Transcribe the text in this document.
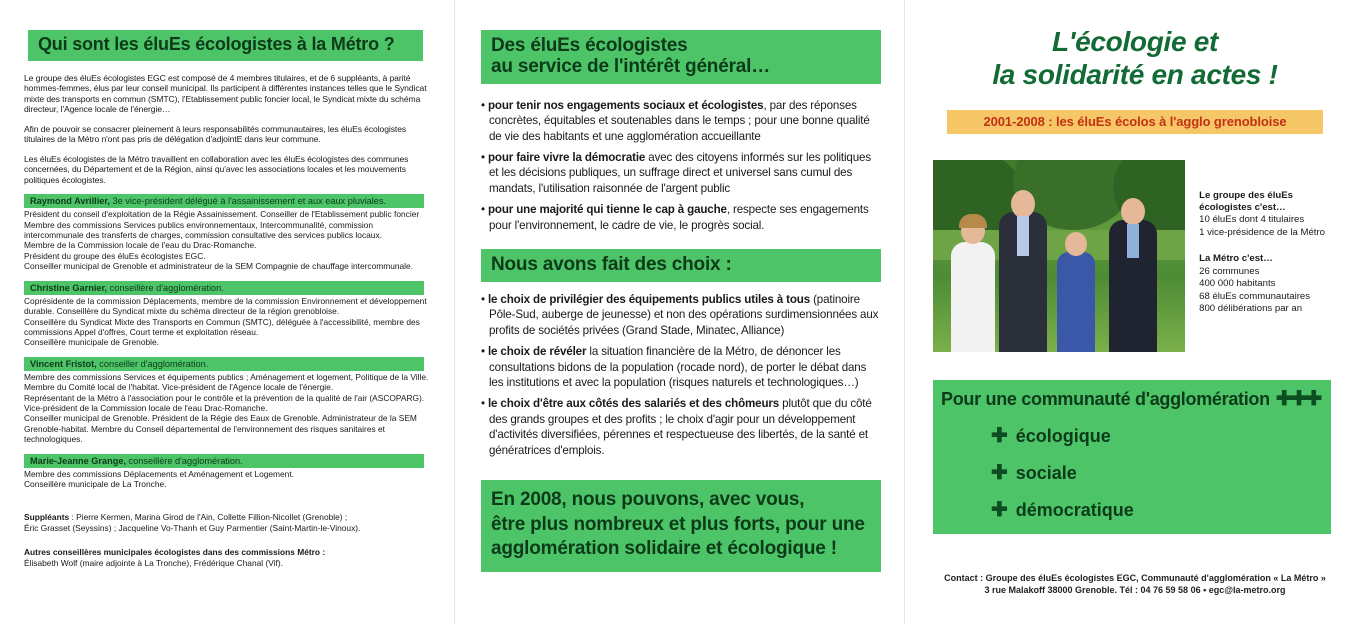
Qui sont les éluEs écologistes à la Métro ?

Le groupe des éluEs écologistes EGC est composé de 4 membres titulaires, et de 6 suppléants, à parité hommes-femmes, élus par leur conseil municipal. Ils participent à différentes instances telles que le Syndicat mixte des transports en commun (SMTC), l'Etablissement public foncier local, le Syndicat mixte du schéma directeur, l'Agence locale de l'énergie…

Afin de pouvoir se consacrer pleinement à leurs responsabilités communautaires, les éluEs écologistes titulaires de la Métro n'ont pas pris de délégation d'adjointE dans leur commune.

Les éluEs écologistes de la Métro travaillent en collaboration avec les éluEs écologistes des communes concernées, du Département et de la Région, ainsi qu'avec les associations locales et les mouvements politiques écologistes.

Raymond Avrillier, 3e vice-président délégué à l'assainissement et aux eaux pluviales.
Président du conseil d'exploitation de la Régie Assainissement. Conseiller de l'Etablissement public foncier
Membre des commissions Services publics environnementaux, Intercommunalité, commission intercommunale des transferts de charges, commission consultative des services publics locaux.
Membre de la Commission locale de l'eau du Drac-Romanche.
Président du groupe des éluEs écologistes EGC.
Conseiller municipal de Grenoble et administrateur de la SEM Compagnie de chauffage intercommunale.
Christine Garnier, conseillère d'agglomération.
Coprésidente de la commission Déplacements, membre de la commission Environnement et développement durable. Conseillère du Syndicat mixte du schéma directeur de la région grenobloise.
Conseillère du Syndicat Mixte des Transports en Commun (SMTC), déléguée à l'accessibilité, membre des commissions Appel d'offres, Court terme et exploitation réseau.
Conseillère municipale de Grenoble.
Vincent Fristot, conseiller d'agglomération.
Membre des commissions Services et équipements publics ; Aménagement et logement, Politique de la Ville.
Membre du Comité local de l'habitat. Vice-président de l'Agence locale de l'énergie.
Représentant de la Métro à l'association pour le contrôle et la prévention de la qualité de l'air (ASCOPARG).
Vice-président de la Commission locale de l'eau Drac-Romanche.
Conseiller municipal de Grenoble. Président de la Régie des Eaux de Grenoble. Administrateur de la SEM Grenoble-habitat. Membre du Conseil départemental de l'environnement des risques sanitaires et technologiques.
Marie-Jeanne Grange, conseillère d'agglomération.
Membre des commissions Déplacements et Aménagement et Logement.
Conseillère municipale de La Tronche.
Suppléants : Pierre Kermen, Marina Girod de l'Ain, Collette Fillion-Nicollet (Grenoble) ;
Éric Grasset (Seyssins) ; Jacqueline Vo-Thanh et Guy Parmentier (Saint-Martin-le-Vinoux).
Autres conseillères municipales écologistes dans des commissions Métro :
Élisabeth Wolf (maire adjointe à La Tronche), Frédérique Chanal (Vif).
Des éluEs écologistes
au service de l'intérêt général…

• pour tenir nos engagements sociaux et écologistes, par des réponses concrètes, équitables et soutenables dans le temps ; pour une bonne qualité de vie des habitants et une agglomération accueillante

• pour faire vivre la démocratie avec des citoyens informés sur les politiques et les décisions publiques, un suffrage direct et universel sans cumul des mandats, l'utilisation raisonnée de l'argent public

• pour une majorité qui tienne le cap à gauche, respecte ses engagements pour l'environnement, le cadre de vie, le progrès social.

Nous avons fait des choix :

• le choix de privilégier des équipements publics utiles à tous (patinoire Pôle-Sud, auberge de jeunesse) et non des opérations surdimensionnées aux profits de sociétés privées (Grand Stade, Minatec, Alliance)

• le choix de révéler la situation financière de la Métro, de dénoncer les consultations bidons de la population (rocade nord), de porter le débat dans les institutions et avec la population (risques naturels et technologiques…)

• le choix d'être aux côtés des salariés et des chômeurs plutôt que du côté des grands groupes et des profits ; le choix d'agir pour un développement d'activités diversifiées, pérennes et respectueuse des libertés, de la santé et génératrices d'emplois.

En 2008, nous pouvons, avec vous,
être plus nombreux et plus forts, pour une
agglomération solidaire et écologique !
L'écologie et
la solidarité en actes !
2001-2008 : les éluEs écolos à l'agglo grenobloise
Le groupe des éluEs
écologistes c'est…
10 éluEs dont 4 titulaires
1 vice-présidence de la Métro
La Métro c'est…
26 communes
400 000 habitants
68 éluEs communautaires
800 délibérations par an
Pour une communauté d'agglomération ✚✚✚
✚ écologique
✚ sociale
✚ démocratique
Contact : Groupe des éluEs écologistes EGC, Communauté d'agglomération « La Métro »
3 rue Malakoff 38000 Grenoble. Tél : 04 76 59 58 06 • egc@la-metro.org
